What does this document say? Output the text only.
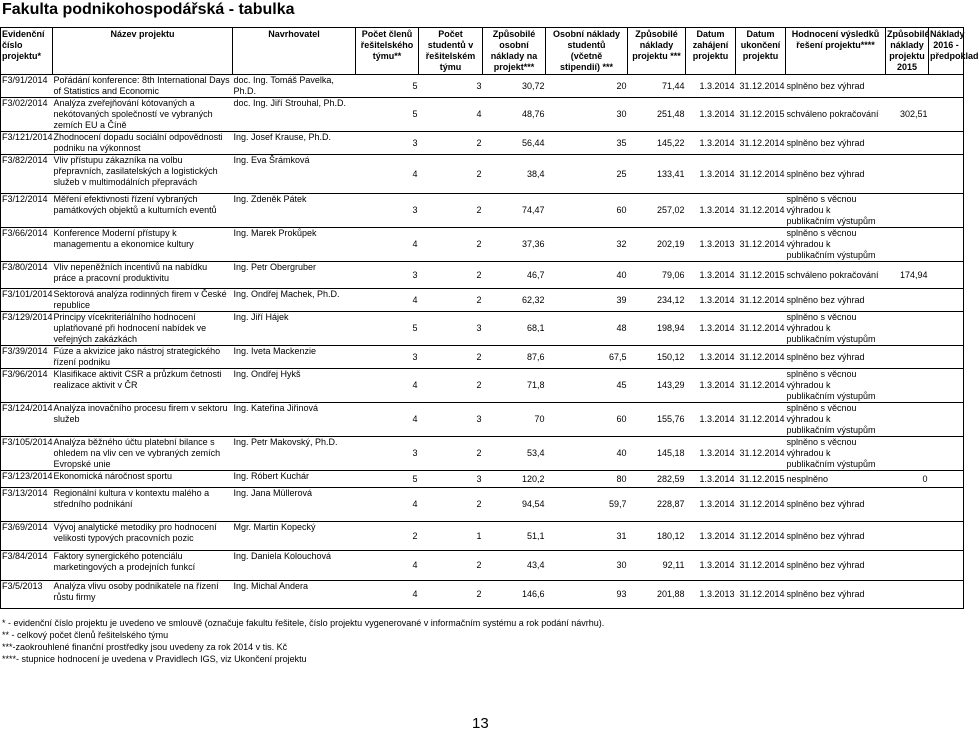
Fakulta podnikohospodářská - tabulka
Evidenční
číslo
projektu*	Název projektu	Navrhovatel	Počet členů
řešitelského
týmu**	Počet
studentů v
řešitelském
týmu	Způsobilé
osobní
náklady na
projekt***	Osobní náklady
studentů
(včetně
stipendií) ***	Způsobilé
náklady
projektu ***	Datum
zahájení
projektu	Datum
ukončení
projektu	Hodnocení výsledků
řešení projektu****	Způsobilé
náklady
projektu
2015	Náklady
2016 -
předpoklad
F3/91/2014	Pořádání konference: 8th International Days of Statistics and Economic	doc. Ing. Tomáš Pavelka, Ph.D.	5	3	30,72	20	71,44	1.3.2014	31.12.2014	splněno bez výhrad		
F3/02/2014	Analýza zveřejňování kótovaných a nekótovaných společností ve vybraných zemích EU a Číně	doc. Ing. Jiří Strouhal, Ph.D.	5	4	48,76	30	251,48	1.3.2014	31.12.2015	schváleno pokračování	302,51	
F3/121/2014	Zhodnocení dopadu sociální odpovědnosti podniku na výkonnost	Ing. Josef Krause, Ph.D.	3	2	56,44	35	145,22	1.3.2014	31.12.2014	splněno bez výhrad		
F3/82/2014	Vliv přístupu zákazníka na volbu přepravních, zasilatelských a logistických služeb v multimodálních přepravách	Ing. Eva Šrámková	4	2	38,4	25	133,41	1.3.2014	31.12.2014	splněno bez výhrad		
F3/12/2014	Měření efektivnosti řízení vybraných památkových objektů a kulturních eventů	Ing. Zdeněk Pátek	3	2	74,47	60	257,02	1.3.2014	31.12.2014	splněno s věcnou
výhradou k
publikačním výstupům		
F3/66/2014	Konference Moderní přístupy k managementu a ekonomice kultury	Ing. Marek Prokůpek	4	2	37,36	32	202,19	1.3.2013	31.12.2014	splněno s věcnou
výhradou k
publikačním výstupům		
F3/80/2014	Vliv nepeněžních incentivů na nabídku práce a pracovní produktivitu	Ing. Petr Obergruber	3	2	46,7	40	79,06	1.3.2014	31.12.2015	schváleno pokračování	174,94	
F3/101/2014	Sektorová analýza rodinných firem v České republice	Ing. Ondřej Machek, Ph.D.	4	2	62,32	39	234,12	1.3.2014	31.12.2014	splněno bez výhrad		
F3/129/2014	Principy vícekriteriálního hodnocení uplatňované při hodnocení nabídek ve veřejných zakázkách	Ing. Jiří Hájek	5	3	68,1	48	198,94	1.3.2014	31.12.2014	splněno s věcnou
výhradou k
publikačním výstupům		
F3/39/2014	Fúze a akvizice jako nástroj strategického řízení podniku	Ing. Iveta Mackenzie	3	2	87,6	67,5	150,12	1.3.2014	31.12.2014	splněno bez výhrad		
F3/96/2014	Klasifikace aktivit CSR a průzkum četnosti realizace aktivit v ČR	Ing. Ondřej Hykš	4	2	71,8	45	143,29	1.3.2014	31.12.2014	splněno s věcnou
výhradou k
publikačním výstupům		
F3/124/2014	Analýza inovačního procesu firem v sektoru služeb	Ing. Kateřina Jiřinová	4	3	70	60	155,76	1.3.2014	31.12.2014	splněno s věcnou
výhradou k
publikačním výstupům		
F3/105/2014	Analýza běžného účtu platební bilance s ohledem na vliv cen ve vybraných zemích Evropské unie	Ing. Petr Makovský, Ph.D.	3	2	53,4	40	145,18	1.3.2014	31.12.2014	splněno s věcnou
výhradou k
publikačním výstupům		
F3/123/2014	Ekonomická náročnost sportu	Ing. Róbert Kuchár	5	3	120,2	80	282,59	1.3.2014	31.12.2015	nesplněno	0	
F3/13/2014	Regionální kultura v kontextu malého a středního podnikání	Ing. Jana Müllerová	4	2	94,54	59,7	228,87	1.3.2014	31.12.2014	splněno bez výhrad		
F3/69/2014	Vývoj analytické metodiky pro hodnocení velikosti typových pracovních pozic	Mgr. Martin Kopecký	2	1	51,1	31	180,12	1.3.2014	31.12.2014	splněno bez výhrad		
F3/84/2014	Faktory synergického potenciálu marketingových a prodejních funkcí	Ing. Daniela Kolouchová	4	2	43,4	30	92,11	1.3.2014	31.12.2014	splněno bez výhrad		
F3/5/2013	Analýza vlivu osoby podnikatele na řízení růstu firmy	Ing. Michal Andera	4	2	146,6	93	201,88	1.3.2013	31.12.2014	splněno bez výhrad		
* - evidenční číslo projektu je uvedeno ve smlouvě (označuje fakultu řešitele, číslo projektu vygenerované v informačním systému a rok podání návrhu).
** - celkový počet členů řešitelského týmu
***-zaokrouhlené finanční prostředky jsou uvedeny za rok 2014 v tis. Kč
****- stupnice hodnocení je uvedena v Pravidlech IGS, viz Ukončení projektu
13
